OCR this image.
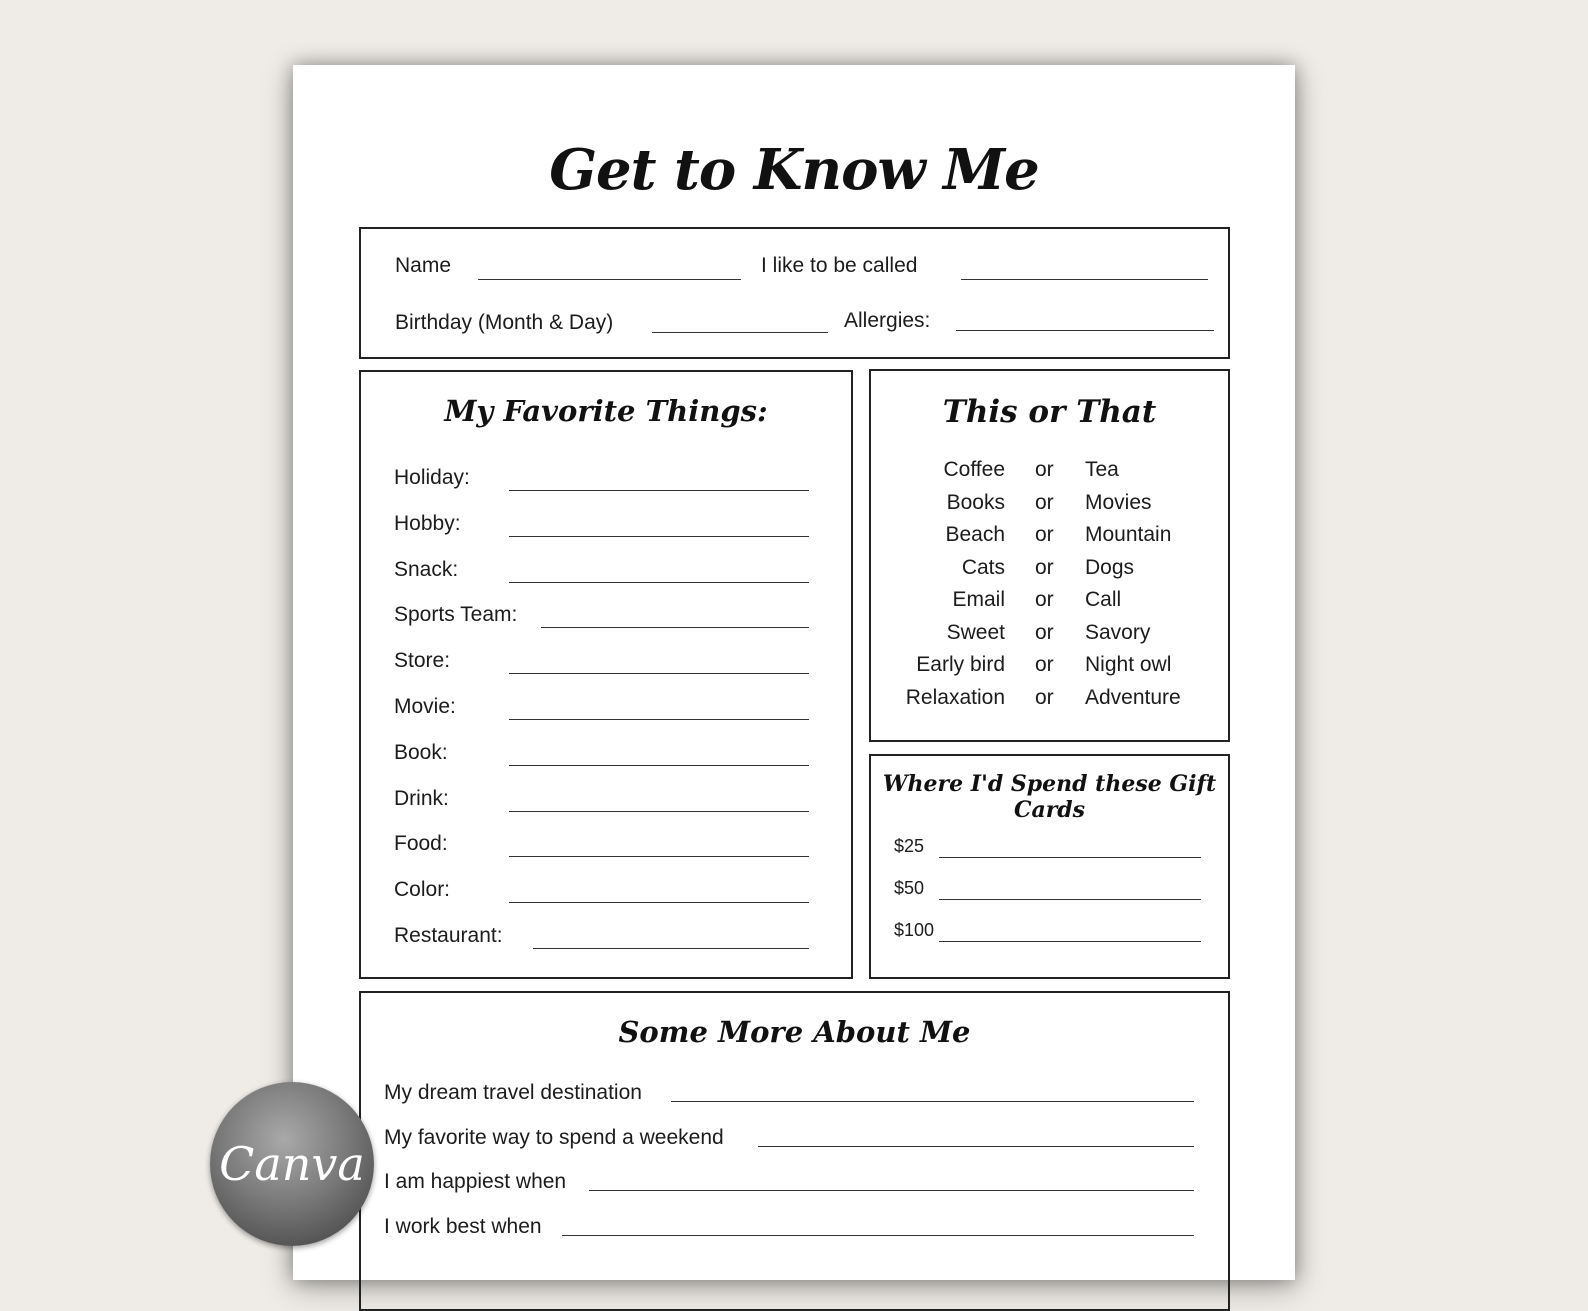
Get to Know Me
Name	I like to be called
Birthday (Month & Day)	Allergies:
My Favorite Things:
Holiday:
Hobby:
Snack:
Sports Team:
Store:
Movie:
Book:
Drink:
Food:
Color:
Restaurant:
This or That
Coffee or Tea
Books or Movies
Beach or Mountain
Cats or Dogs
Email or Call
Sweet or Savory
Early bird or Night owl
Relaxation or Adventure
Where I'd Spend these Gift Cards
$25
$50
$100
Some More About Me
My dream travel destination
My favorite way to spend a weekend
I am happiest when
I work best when
Canva
